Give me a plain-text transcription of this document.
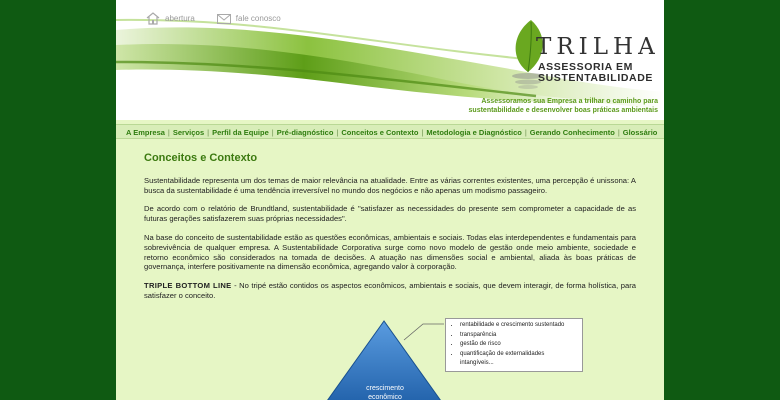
abertura	fale conosco
TRILHA
ASSESSORIA EM
SUSTENTABILIDADE
Assessoramos sua Empresa a trilhar o caminho para
sustentabilidade e desenvolver boas práticas ambientais
A Empresa | Serviços | Perfil da Equipe | Pré-diagnóstico | Conceitos e Contexto | Metodologia e Diagnóstico | Gerando Conhecimento | Glossário
Conceitos e Contexto

Sustentabilidade representa um dos temas de maior relevância na atualidade. Entre as várias correntes existentes, uma percepção é unissona: A busca da sustentabilidade é uma tendência irreversível no mundo dos negócios e não apenas um modismo passageiro.

De acordo com o relatório de Brundtland, sustentabilidade é "satisfazer as necessidades do presente sem comprometer a capacidade de as futuras gerações satisfazerem suas próprias necessidades".

Na base do conceito de sustentabilidade estão as questões econômicas, ambientais e sociais. Todas elas interdependentes e fundamentais para sobrevivência de qualquer empresa. A Sustentabilidade Corporativa surge como novo modelo de gestão onde meio ambiente, sociedade e retorno econômico são considerados na tomada de decisões. A atuação nas dimensões social e ambiental, aliada às boas práticas de governança, interfere positivamente na dimensão econômica, agregando valor à corporação.

TRIPLE BOTTOM LINE - No tripé estão contidos os aspectos econômicos, ambientais e sociais, que devem interagir, de forma holística, para satisfazer o conceito.

crescimento
econômico
• rentabilidade e crescimento sustentado
• transparência
• gestão de risco
• quantificação de externalidades intangíveis...
